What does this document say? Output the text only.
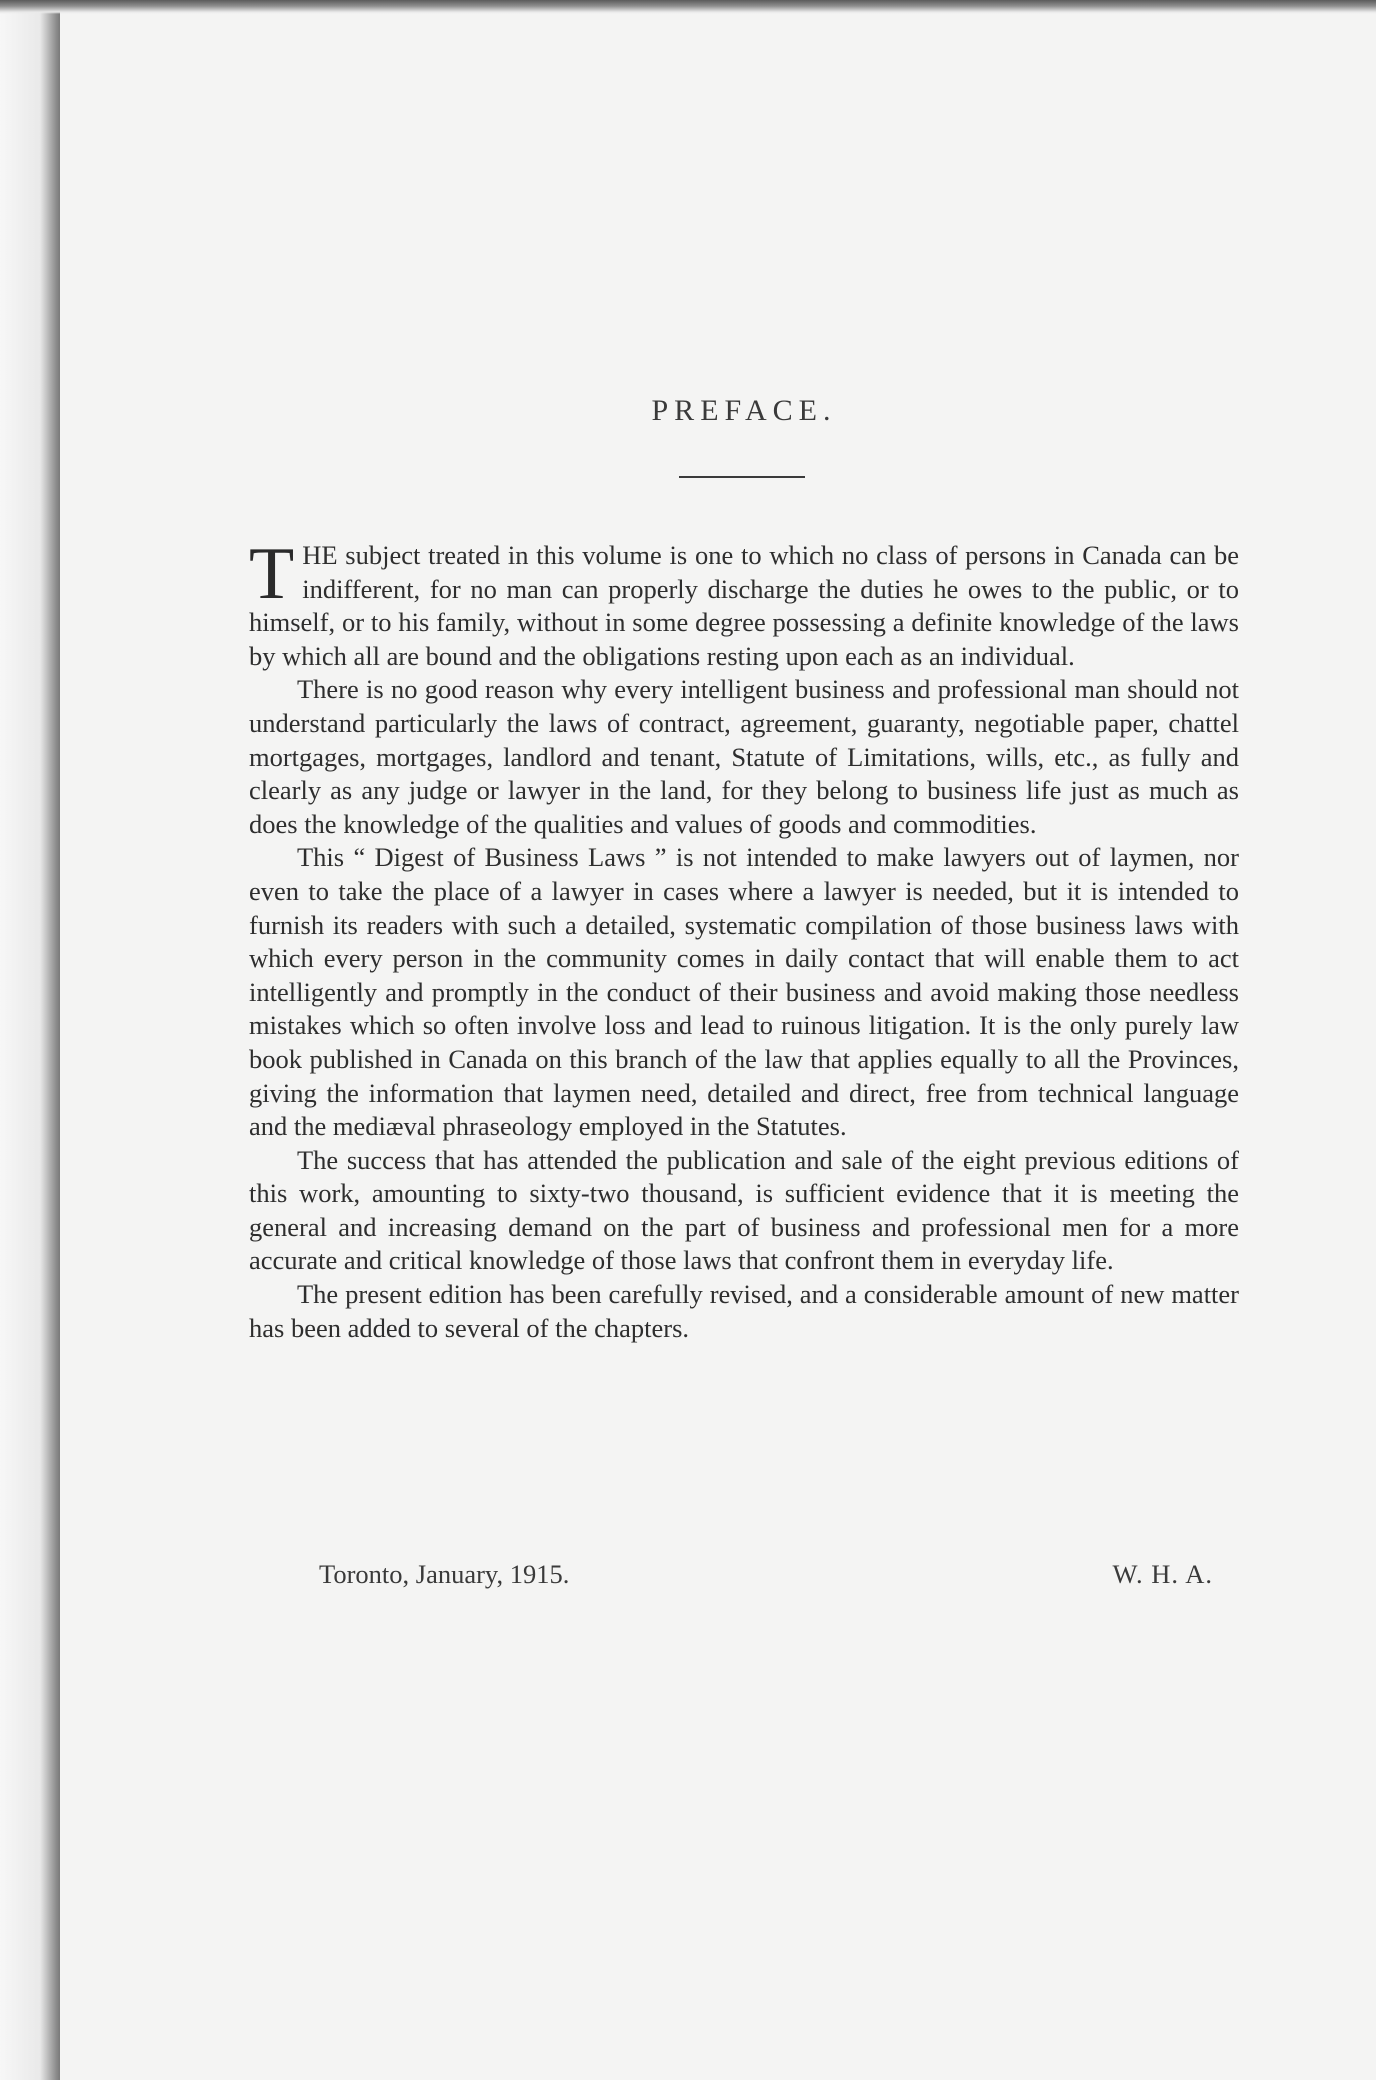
PREFACE.

THE subject treated in this volume is one to which no class of persons in Canada can be indifferent, for no man can properly discharge the duties he owes to the public, or to himself, or to his family, without in some degree possessing a definite knowledge of the laws by which all are bound and the obligations resting upon each as an individual.

There is no good reason why every intelligent business and professional man should not understand particularly the laws of contract, agreement, guaranty, negotiable paper, chattel mortgages, mortgages, landlord and tenant, Statute of Limitations, wills, etc., as fully and clearly as any judge or lawyer in the land, for they belong to business life just as much as does the knowledge of the qualities and values of goods and commodities.

This “ Digest of Business Laws ” is not intended to make lawyers out of laymen, nor even to take the place of a lawyer in cases where a lawyer is needed, but it is intended to furnish its readers with such a detailed, systematic compilation of those business laws with which every person in the community comes in daily contact that will enable them to act intelligently and promptly in the conduct of their business and avoid making those needless mistakes which so often involve loss and lead to ruinous litigation. It is the only purely law book published in Canada on this branch of the law that applies equally to all the Provinces, giving the information that laymen need, detailed and direct, free from technical language and the mediæval phraseology employed in the Statutes.

The success that has attended the publication and sale of the eight previous editions of this work, amounting to sixty-two thousand, is sufficient evidence that it is meeting the general and increasing demand on the part of business and professional men for a more accurate and critical knowledge of those laws that confront them in everyday life.

The present edition has been carefully revised, and a considerable amount of new matter has been added to several of the chapters.

Toronto, January, 1915.	W. H. A.
